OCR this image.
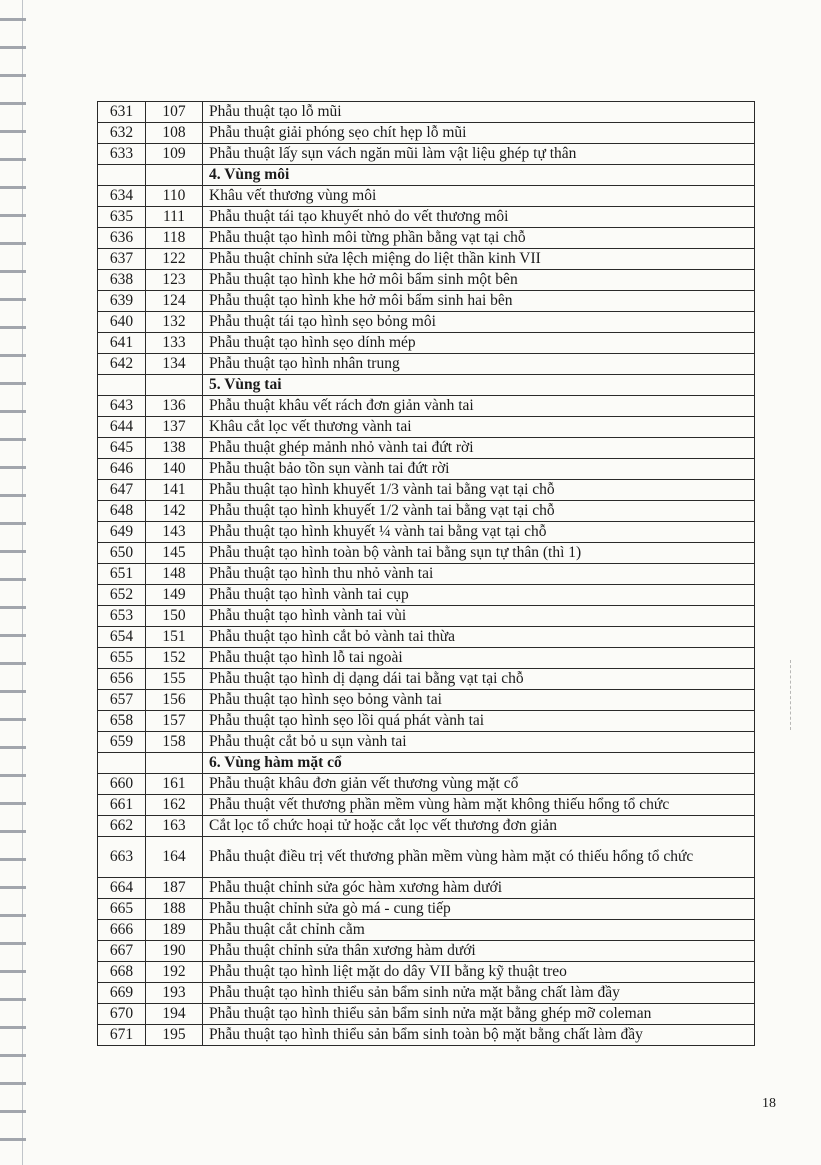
631	107	Phẫu thuật tạo lỗ mũi
632	108	Phẫu thuật giải phóng sẹo chít hẹp lỗ mũi
633	109	Phẫu thuật lấy sụn vách ngăn mũi làm vật liệu ghép tự thân
		4. Vùng môi
634	110	Khâu vết thương vùng môi
635	111	Phẫu thuật tái tạo khuyết nhỏ do vết thương môi
636	118	Phẫu thuật tạo hình môi từng phần bằng vạt tại chỗ
637	122	Phẫu thuật chỉnh sửa lệch miệng do liệt thần kinh VII
638	123	Phẫu thuật tạo hình khe hở môi bẩm sinh một bên
639	124	Phẫu thuật tạo hình khe hở môi bẩm sinh hai bên
640	132	Phẫu thuật tái tạo hình sẹo bỏng môi
641	133	Phẫu thuật tạo hình sẹo dính mép
642	134	Phẫu thuật tạo hình nhân trung
		5. Vùng tai
643	136	Phẫu thuật khâu vết rách đơn giản vành tai
644	137	Khâu cắt lọc vết thương vành tai
645	138	Phẫu thuật ghép mảnh nhỏ vành tai đứt rời
646	140	Phẫu thuật bảo tồn sụn vành tai đứt rời
647	141	Phẫu thuật tạo hình khuyết 1/3 vành tai bằng vạt tại chỗ
648	142	Phẫu thuật tạo hình khuyết 1/2 vành tai bằng vạt tại chỗ
649	143	Phẫu thuật tạo hình khuyết ¼ vành tai bằng vạt tại chỗ
650	145	Phẫu thuật tạo hình toàn bộ vành tai bằng sụn tự thân (thì 1)
651	148	Phẫu thuật tạo hình thu nhỏ vành tai
652	149	Phẫu thuật tạo hình vành tai cụp
653	150	Phẫu thuật tạo hình vành tai vùi
654	151	Phẫu thuật tạo hình cắt bỏ vành tai thừa
655	152	Phẫu thuật tạo hình lỗ tai ngoài
656	155	Phẫu thuật tạo hình dị dạng dái tai bằng vạt tại chỗ
657	156	Phẫu thuật tạo hình sẹo bỏng vành tai
658	157	Phẫu thuật tạo hình sẹo lồi quá phát vành tai
659	158	Phẫu thuật cắt bỏ u sụn vành tai
		6. Vùng hàm mặt cổ
660	161	Phẫu thuật khâu đơn giản vết thương vùng mặt cổ
661	162	Phẫu thuật vết thương phần mềm vùng hàm mặt không thiếu hổng tổ chức
662	163	Cắt lọc tổ chức hoại tử hoặc cắt lọc vết thương đơn giản
663	164	Phẫu thuật điều trị vết thương phần mềm vùng hàm mặt có thiếu hổng tổ chức
664	187	Phẫu thuật chỉnh sửa góc hàm xương hàm dưới
665	188	Phẫu thuật chỉnh sửa gò má - cung tiếp
666	189	Phẫu thuật cắt chỉnh cằm
667	190	Phẫu thuật chỉnh sửa thân xương hàm dưới
668	192	Phẫu thuật tạo hình liệt mặt do dây VII bằng kỹ thuật treo
669	193	Phẫu thuật tạo hình thiểu sản bẩm sinh nửa mặt bằng chất làm đầy
670	194	Phẫu thuật tạo hình thiểu sản bẩm sinh nửa mặt bằng ghép mỡ coleman
671	195	Phẫu thuật tạo hình thiểu sản bẩm sinh toàn bộ mặt bằng chất làm đầy
18
